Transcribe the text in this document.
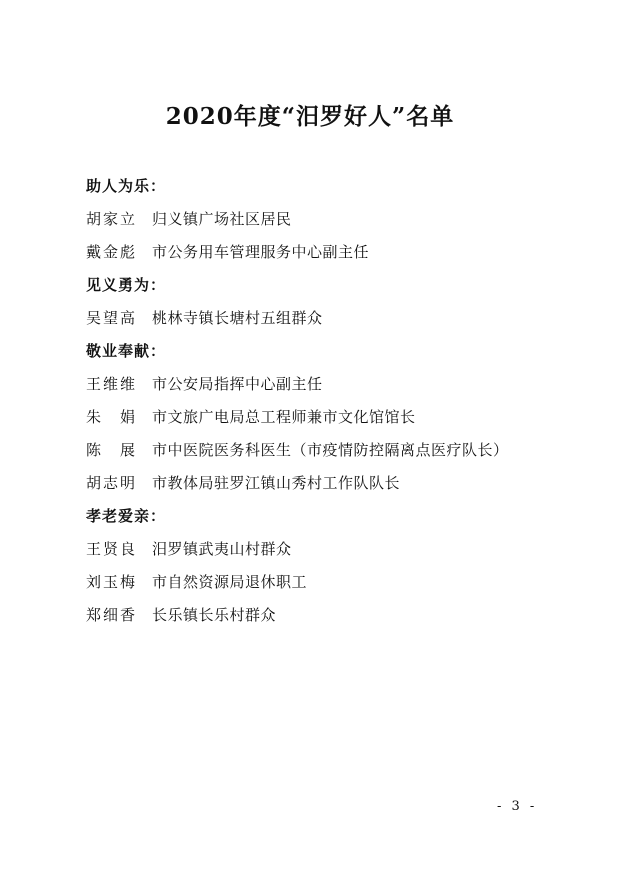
2020年度“汨罗好人”名单
助人为乐：
胡家立 归义镇广场社区居民
戴金彪 市公务用车管理服务中心副主任
见义勇为：
吴望高 桃林寺镇长塘村五组群众
敬业奉献：
王维维 市公安局指挥中心副主任
朱　娟 市文旅广电局总工程师兼市文化馆馆长
陈　展 市中医院医务科医生（市疫情防控隔离点医疗队长）
胡志明 市教体局驻罗江镇山秀村工作队队长
孝老爱亲：
王贤良 汨罗镇武夷山村群众
刘玉梅 市自然资源局退休职工
郑细香 长乐镇长乐村群众
- 3 -
